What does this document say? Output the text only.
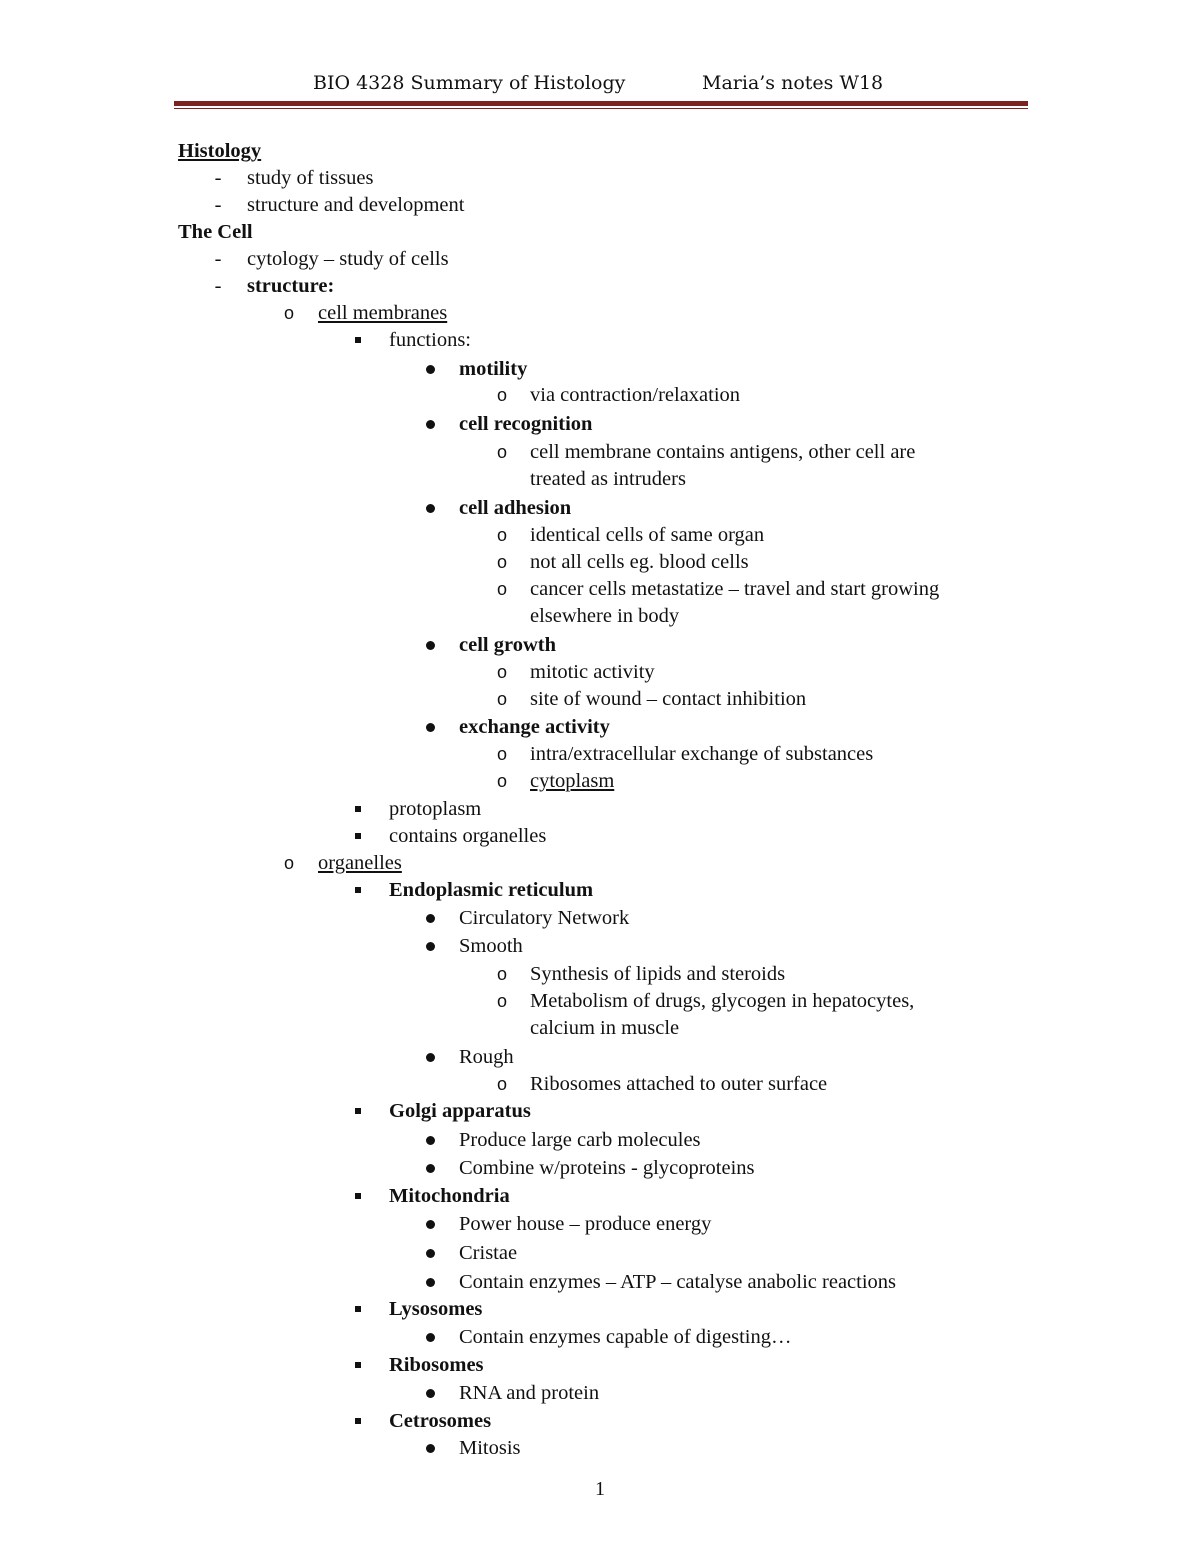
BIO 4328 Summary of Histology	Maria’s notes W18
Histology
- study of tissues
- structure and development
The Cell
- cytology – study of cells
- structure:
o cell membranes
functions:
motility
o via contraction/relaxation
cell recognition
o cell membrane contains antigens, other cell are
treated as intruders
cell adhesion
o identical cells of same organ
o not all cells eg. blood cells
o cancer cells metastatize – travel and start growing
elsewhere in body
cell growth
o mitotic activity
o site of wound – contact inhibition
exchange activity
o intra/extracellular exchange of substances
o cytoplasm
protoplasm
contains organelles
o organelles
Endoplasmic reticulum
Circulatory Network
Smooth
o Synthesis of lipids and steroids
o Metabolism of drugs, glycogen in hepatocytes,
calcium in muscle
Rough
o Ribosomes attached to outer surface
Golgi apparatus
Produce large carb molecules
Combine w/proteins - glycoproteins
Mitochondria
Power house – produce energy
Cristae
Contain enzymes – ATP – catalyse anabolic reactions
Lysosomes
Contain enzymes capable of digesting…
Ribosomes
RNA and protein
Cetrosomes
Mitosis
1
